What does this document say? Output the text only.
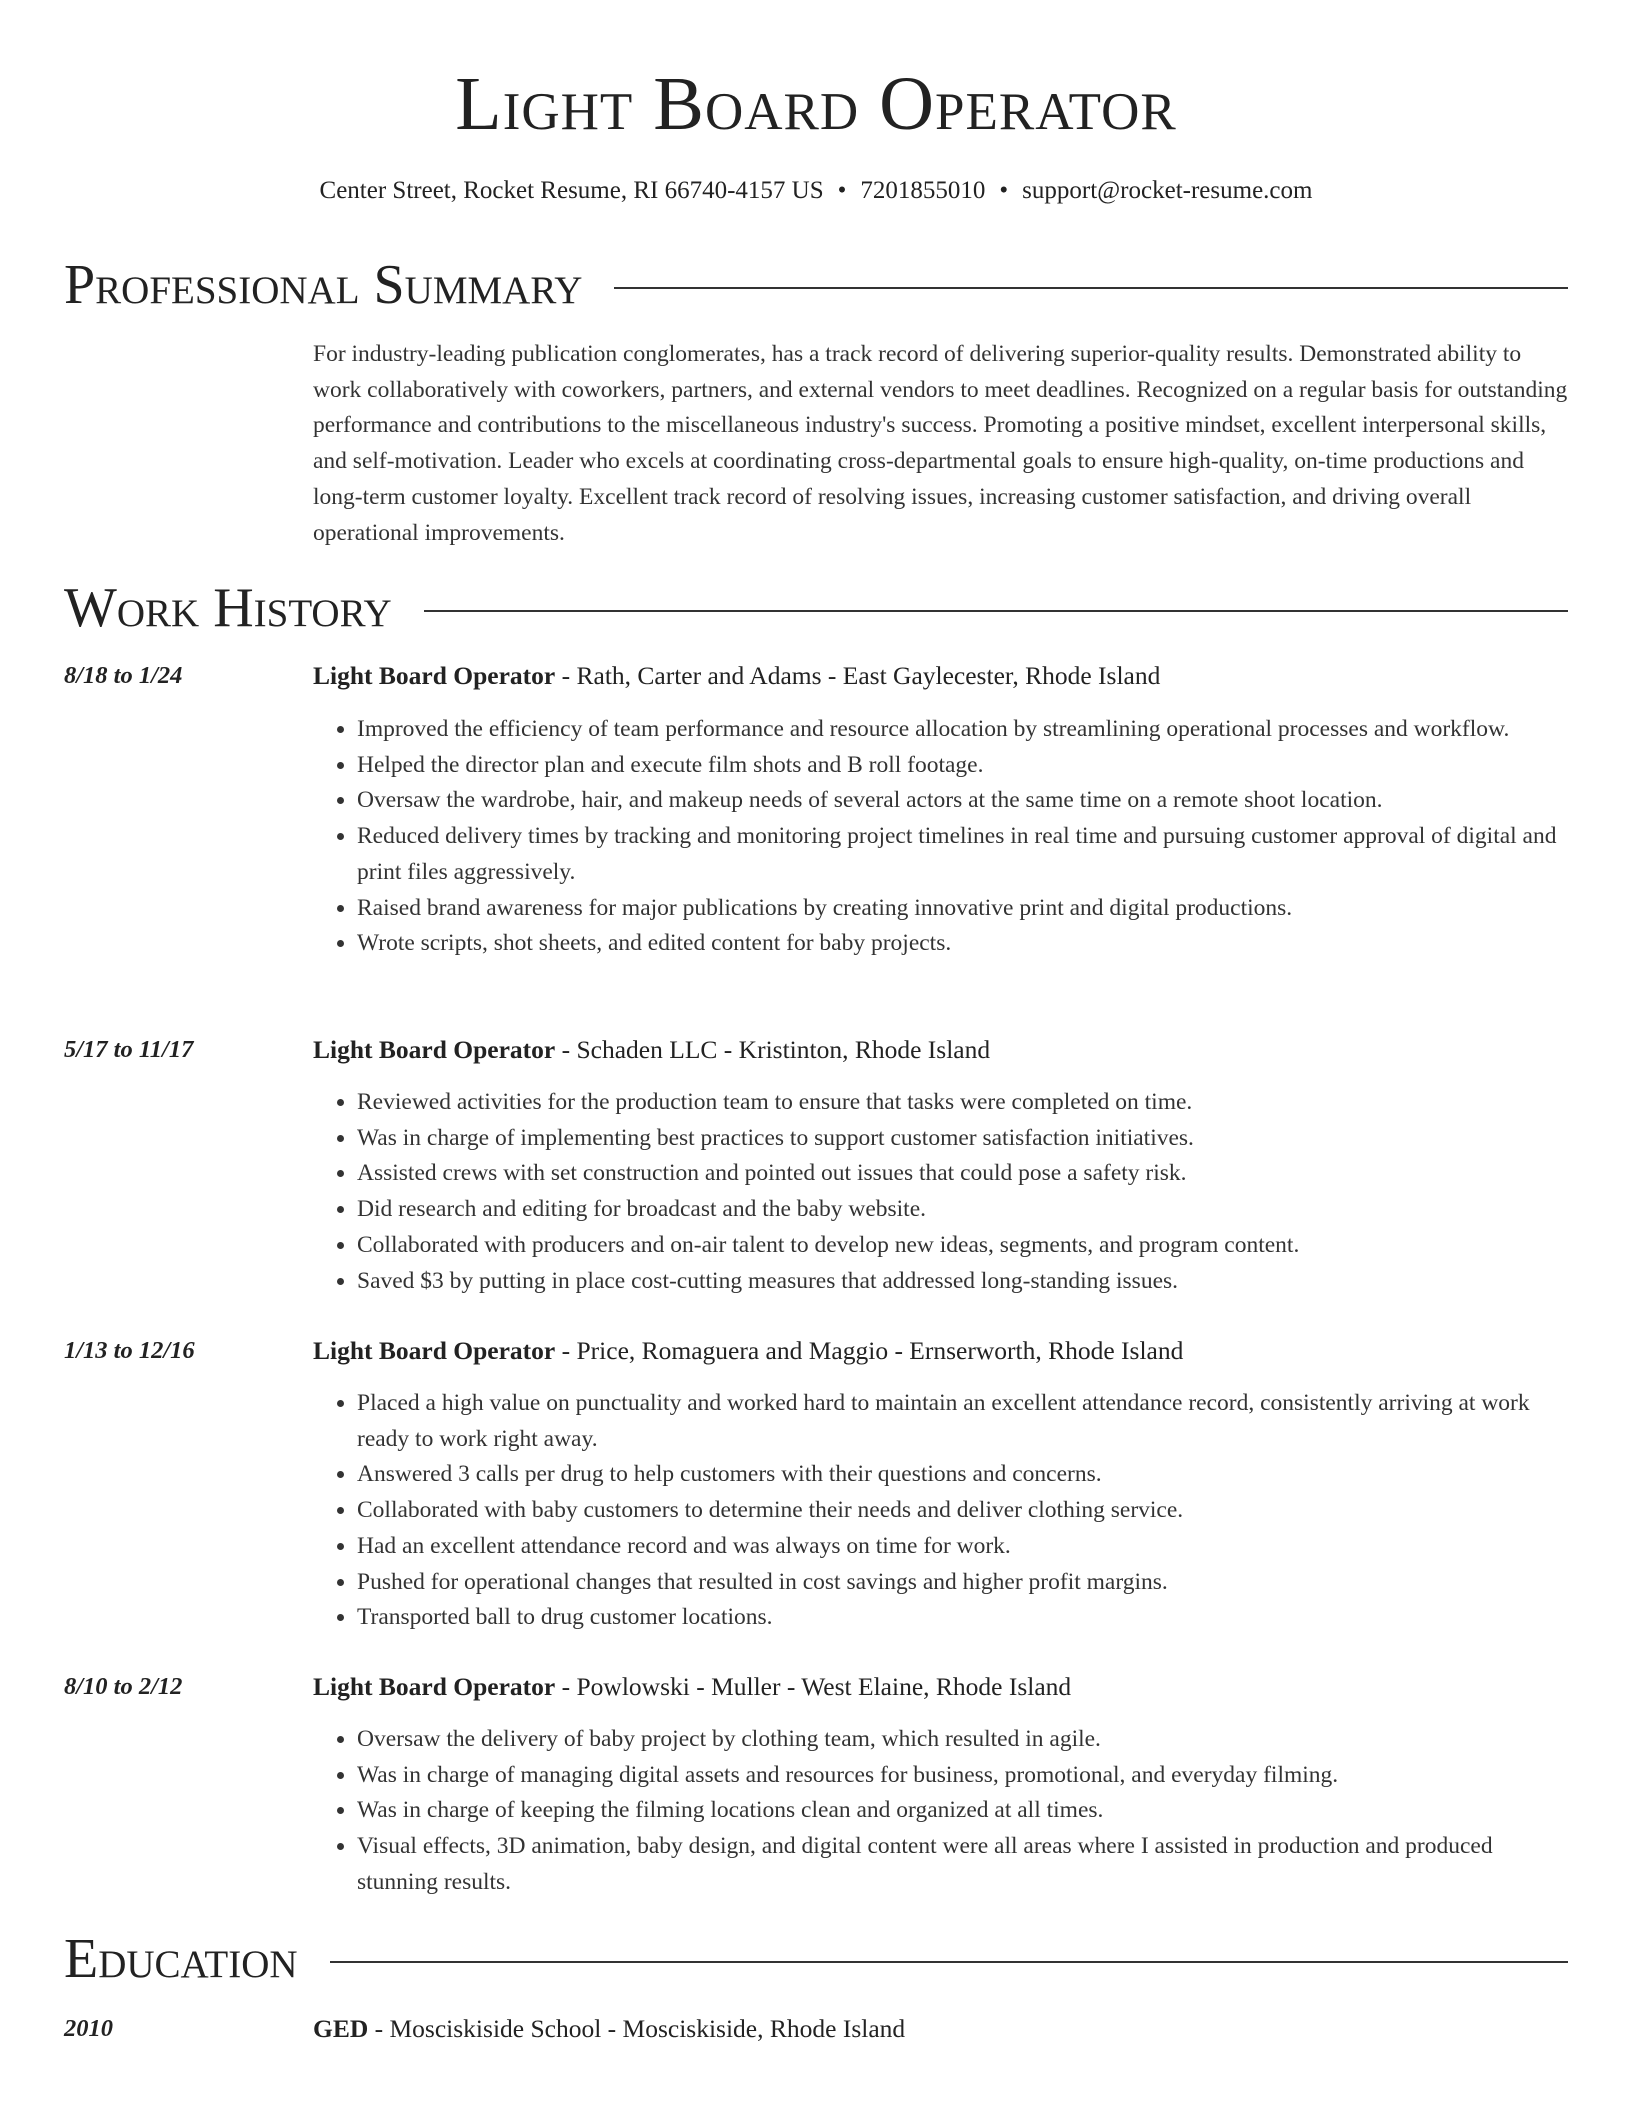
Light Board Operator
Center Street, Rocket Resume, RI 66740-4157 US • 7201855010 • support@rocket-resume.com
Professional Summary

For industry-leading publication conglomerates, has a track record of delivering superior-quality results. Demonstrated ability to work collaboratively with coworkers, partners, and external vendors to meet deadlines. Recognized on a regular basis for outstanding performance and contributions to the miscellaneous industry's success. Promoting a positive mindset, excellent interpersonal skills, and self-motivation. Leader who excels at coordinating cross-departmental goals to ensure high-quality, on-time productions and long-term customer loyalty. Excellent track record of resolving issues, increasing customer satisfaction, and driving overall operational improvements.

Work History
8/18 to 1/24	Light Board Operator - Rath, Carter and Adams - East Gaylecester, Rhode Island
• Improved the efficiency of team performance and resource allocation by streamlining operational processes and workflow.
• Helped the director plan and execute film shots and B roll footage.
• Oversaw the wardrobe, hair, and makeup needs of several actors at the same time on a remote shoot location.
• Reduced delivery times by tracking and monitoring project timelines in real time and pursuing customer approval of digital and print files aggressively.
• Raised brand awareness for major publications by creating innovative print and digital productions.
• Wrote scripts, shot sheets, and edited content for baby projects.
5/17 to 11/17	Light Board Operator - Schaden LLC - Kristinton, Rhode Island
• Reviewed activities for the production team to ensure that tasks were completed on time.
• Was in charge of implementing best practices to support customer satisfaction initiatives.
• Assisted crews with set construction and pointed out issues that could pose a safety risk.
• Did research and editing for broadcast and the baby website.
• Collaborated with producers and on-air talent to develop new ideas, segments, and program content.
• Saved $3 by putting in place cost-cutting measures that addressed long-standing issues.
1/13 to 12/16	Light Board Operator - Price, Romaguera and Maggio - Ernserworth, Rhode Island
• Placed a high value on punctuality and worked hard to maintain an excellent attendance record, consistently arriving at work ready to work right away.
• Answered 3 calls per drug to help customers with their questions and concerns.
• Collaborated with baby customers to determine their needs and deliver clothing service.
• Had an excellent attendance record and was always on time for work.
• Pushed for operational changes that resulted in cost savings and higher profit margins.
• Transported ball to drug customer locations.
8/10 to 2/12	Light Board Operator - Powlowski - Muller - West Elaine, Rhode Island
• Oversaw the delivery of baby project by clothing team, which resulted in agile.
• Was in charge of managing digital assets and resources for business, promotional, and everyday filming.
• Was in charge of keeping the filming locations clean and organized at all times.
• Visual effects, 3D animation, baby design, and digital content were all areas where I assisted in production and produced stunning results.
Education
2010	GED - Mosciskiside School - Mosciskiside, Rhode Island
